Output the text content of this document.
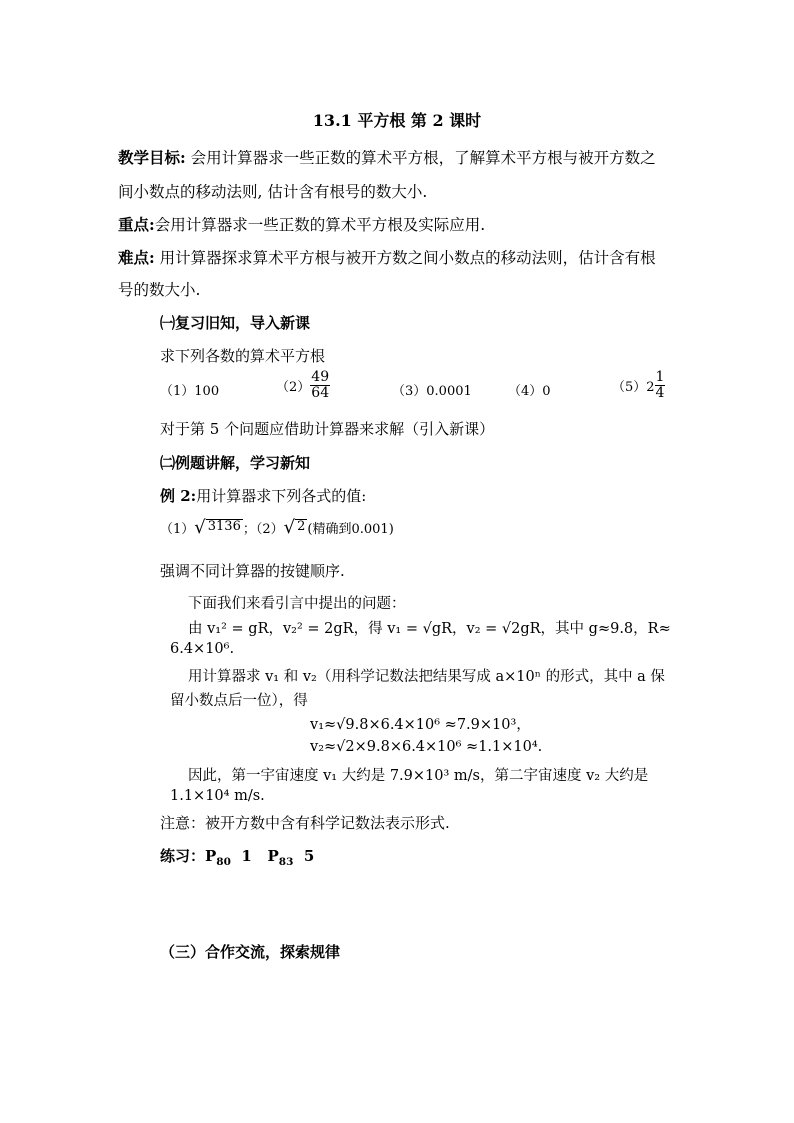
13.1 平方根 第 2 课时
教学目标: 会用计算器求一些正数的算术平方根，了解算术平方根与被开方数之
间小数点的移动法则, 估计含有根号的数大小.
重点:会用计算器求一些正数的算术平方根及实际应用.
难点: 用计算器探求算术平方根与被开方数之间小数点的移动法则，估计含有根
号的数大小.
㈠复习旧知，导入新课
求下列各数的算术平方根
（1）100	$(2) \frac{49}{64}$	（3）0.0001	（4）0	$(5)2 \frac{1}{4}$
对于第 5 个问题应借助计算器来求解（引入新课）
㈡例题讲解，学习新知
例 2:用计算器求下列各式的值:
（1） √ 3136 ；（2） √ 2 (精确到0.001)
强调不同计算器的按键顺序.
下面我们来看引言中提出的问题：
由 v₁² = gR，v₂² = 2gR，得 v₁ = √gR，v₂ = √2gR，其中 g≈9.8，R≈
6.4×10⁶.
用计算器求 v₁ 和 v₂（用科学记数法把结果写成 a×10ⁿ 的形式，其中 a 保
留小数点后一位），得
v₁≈√9.8×6.4×10⁶ ≈7.9×10³，
v₂≈√2×9.8×6.4×10⁶ ≈1.1×10⁴.
因此，第一宇宙速度 v₁ 大约是 7.9×10³ m/s，第二宇宙速度 v₂ 大约是
1.1×10⁴ m/s.
注意：被开方数中含有科学记数法表示形式.
练习：$P_{80}$ 1 $P_{83}$ 5
（三）合作交流，探索规律
